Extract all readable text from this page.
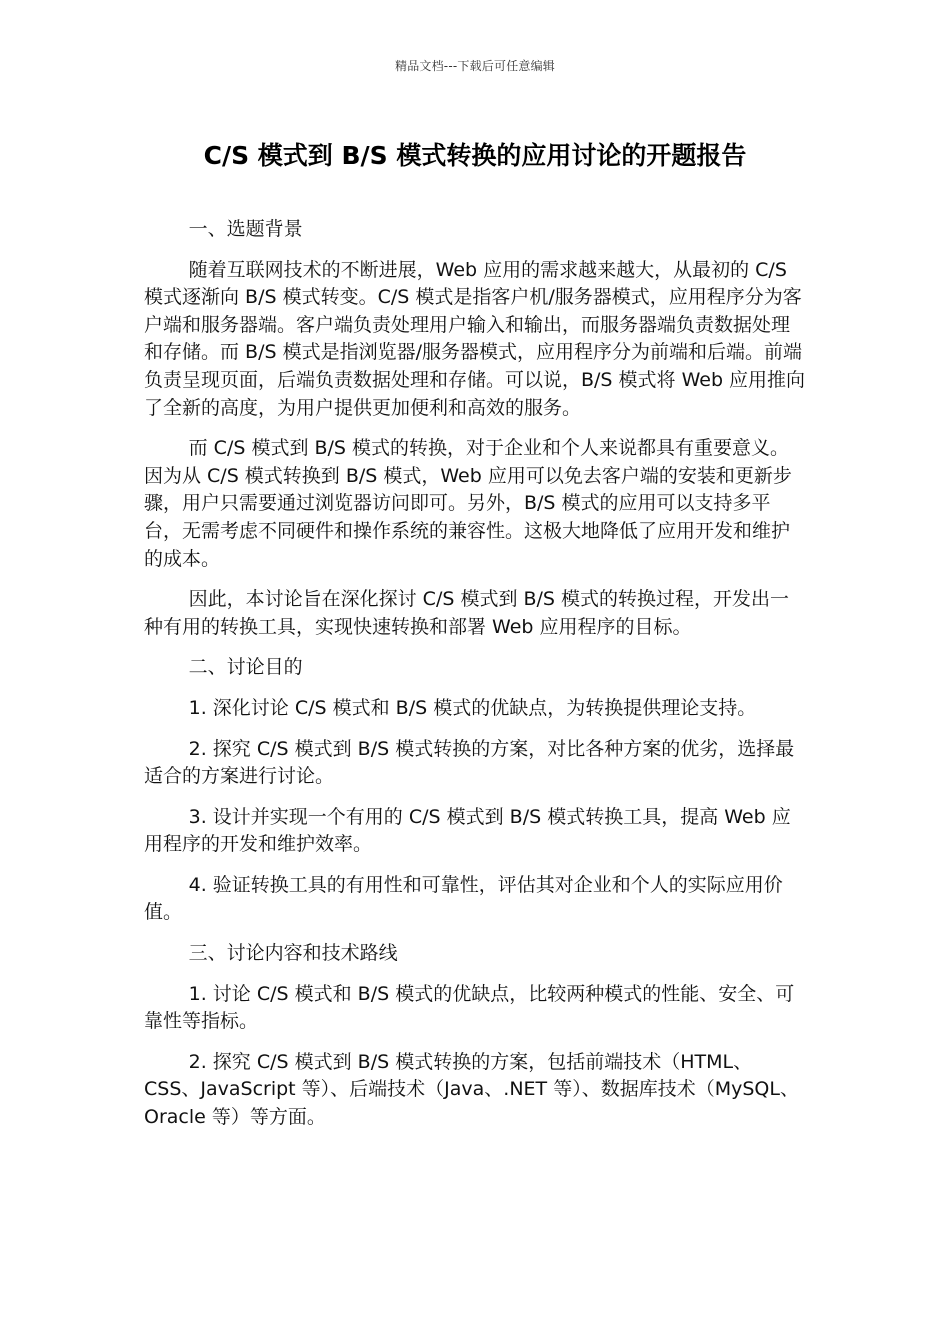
精品文档---下载后可任意编辑
C/S 模式到 B/S 模式转换的应用讨论的开题报告

一、选题背景

随着互联网技术的不断进展，Web 应用的需求越来越大，从最初的 C/S 模式逐渐向 B/S 模式转变。C/S 模式是指客户机/服务器模式，应用程序分为客户端和服务器端。客户端负责处理用户输入和输出，而服务器端负责数据处理和存储。而 B/S 模式是指浏览器/服务器模式，应用程序分为前端和后端。前端负责呈现页面，后端负责数据处理和存储。可以说，B/S 模式将 Web 应用推向了全新的高度，为用户提供更加便利和高效的服务。

而 C/S 模式到 B/S 模式的转换，对于企业和个人来说都具有重要意义。因为从 C/S 模式转换到 B/S 模式，Web 应用可以免去客户端的安装和更新步骤，用户只需要通过浏览器访问即可。另外，B/S 模式的应用可以支持多平台，无需考虑不同硬件和操作系统的兼容性。这极大地降低了应用开发和维护的成本。

因此，本讨论旨在深化探讨 C/S 模式到 B/S 模式的转换过程，开发出一种有用的转换工具，实现快速转换和部署 Web 应用程序的目标。

二、讨论目的

1. 深化讨论 C/S 模式和 B/S 模式的优缺点，为转换提供理论支持。

2. 探究 C/S 模式到 B/S 模式转换的方案，对比各种方案的优劣，选择最适合的方案进行讨论。

3. 设计并实现一个有用的 C/S 模式到 B/S 模式转换工具，提高 Web 应用程序的开发和维护效率。

4. 验证转换工具的有用性和可靠性，评估其对企业和个人的实际应用价值。

三、讨论内容和技术路线

1. 讨论 C/S 模式和 B/S 模式的优缺点，比较两种模式的性能、安全、可靠性等指标。

2. 探究 C/S 模式到 B/S 模式转换的方案，包括前端技术（HTML、CSS、JavaScript 等）、后端技术（Java、.NET 等）、数据库技术（MySQL、Oracle 等）等方面。
